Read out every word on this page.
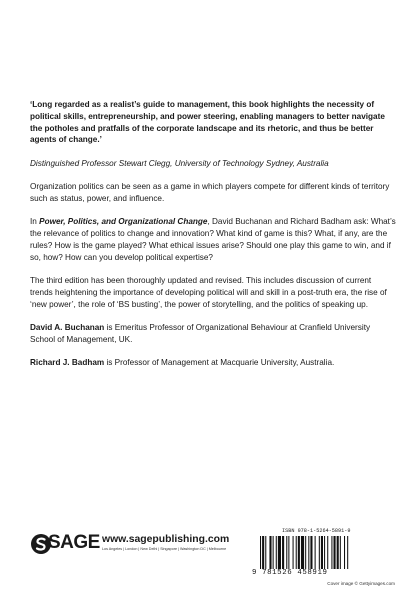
‘Long regarded as a realist’s guide to management, this book highlights the necessity of political skills, entrepreneurship, and power steering, enabling managers to better navigate the potholes and pratfalls of the corporate landscape and its rhetoric, and thus be better agents of change.’

Distinguished Professor Stewart Clegg, University of Technology Sydney, Australia

Organization politics can be seen as a game in which players compete for different kinds of territory such as status, power, and influence.

In Power, Politics, and Organizational Change, David Buchanan and Richard Badham ask: What’s the relevance of politics to change and innovation? What kind of game is this? What, if any, are the rules? How is the game played? What ethical issues arise? Should one play this game to win, and if so, how? How can you develop political expertise?

The third edition has been thoroughly updated and revised. This includes discussion of current trends heightening the importance of developing political will and skill in a post-truth era, the rise of ‘new power’, the role of ‘BS busting’, the power of storytelling, and the politics of speaking up.

David A. Buchanan is Emeritus Professor of Organizational Behaviour at Cranfield University School of Management, UK.

Richard J. Badham is Professor of Management at Macquarie University, Australia.

SAGE www.sagepublishing.com
Los Angeles | London | New Delhi | Singapore | Washington DC | Melbourne
ISBN 978-1-5264-5891-9
9 781526 458919
Cover image © Gettyimages.com
